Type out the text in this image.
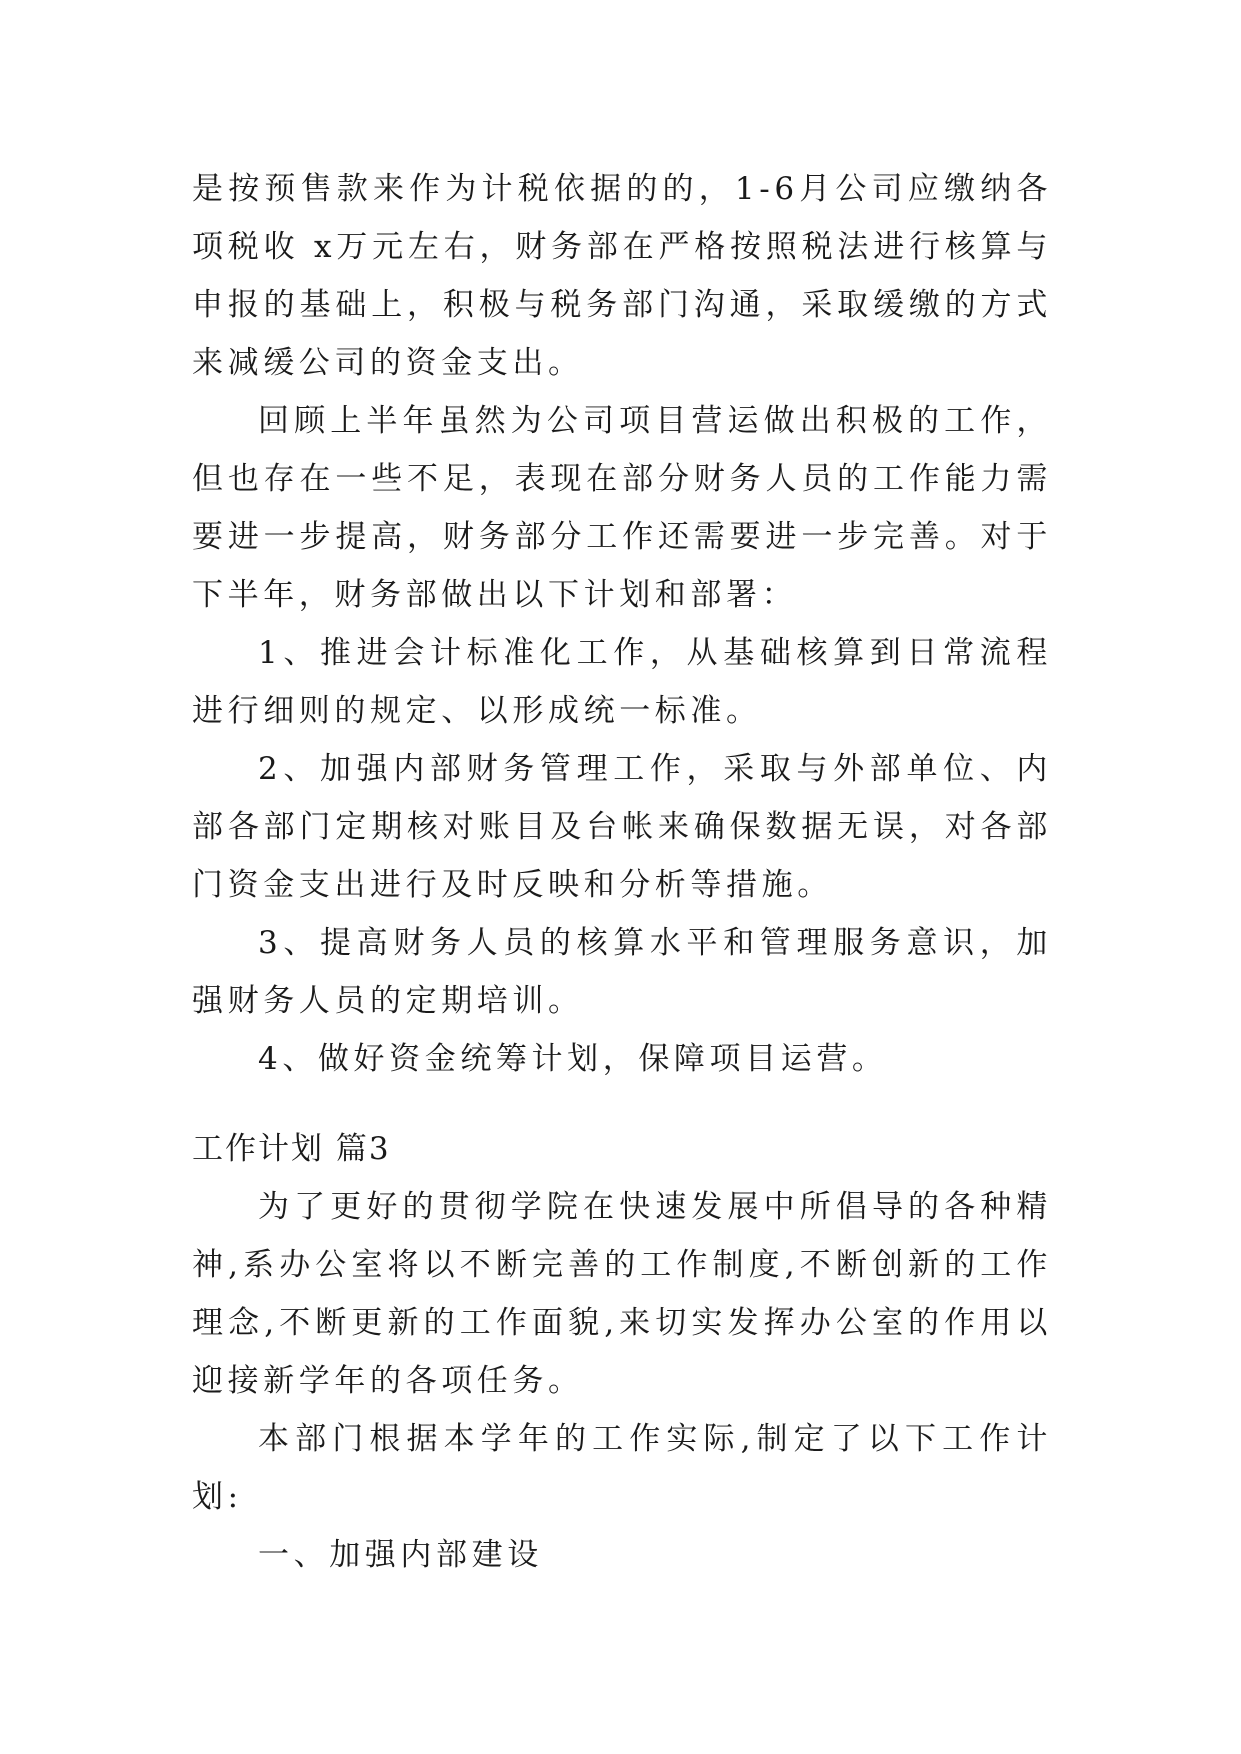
是按预售款来作为计税依据的的，1-6月公司应缴纳各项税收 x万元左右，财务部在严格按照税法进行核算与申报的基础上，积极与税务部门沟通，采取缓缴的方式来减缓公司的资金支出。

回顾上半年虽然为公司项目营运做出积极的工作，但也存在一些不足，表现在部分财务人员的工作能力需要进一步提高，财务部分工作还需要进一步完善。对于下半年，财务部做出以下计划和部署：

1、推进会计标准化工作，从基础核算到日常流程进行细则的规定、以形成统一标准。

2、加强内部财务管理工作，采取与外部单位、内部各部门定期核对账目及台帐来确保数据无误，对各部门资金支出进行及时反映和分析等措施。

3、提高财务人员的核算水平和管理服务意识，加强财务人员的定期培训。

4、做好资金统筹计划，保障项目运营。

工作计划 篇3

为了更好的贯彻学院在快速发展中所倡导的各种精神,系办公室将以不断完善的工作制度,不断创新的工作理念,不断更新的工作面貌,来切实发挥办公室的作用以迎接新学年的各项任务。

本部门根据本学年的工作实际,制定了以下工作计划:

一、加强内部建设
